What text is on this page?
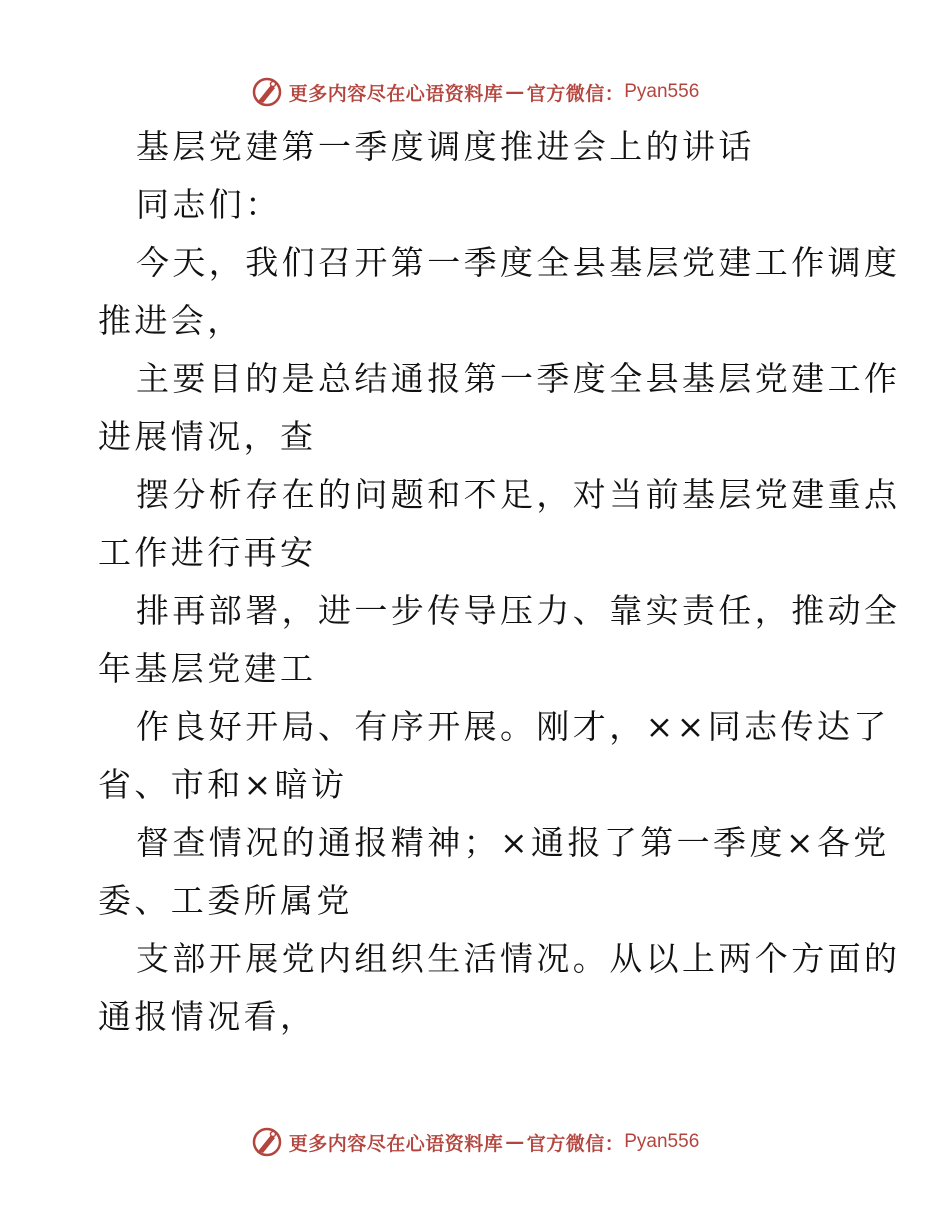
更多内容尽在心语资料库 — 官方微信： Pyan556
基层党建第一季度调度推进会上的讲话
同志们：
今天，我们召开第一季度全县基层党建工作调度
推进会，
主要目的是总结通报第一季度全县基层党建工作
进展情况，查
摆分析存在的问题和不足，对当前基层党建重点
工作进行再安
排再部署，进一步传导压力、靠实责任，推动全
年基层党建工
作良好开局、有序开展。刚才，××同志传达了
省、市和×暗访
督查情况的通报精神；×通报了第一季度×各党
委、工委所属党
支部开展党内组织生活情况。从以上两个方面的
通报情况看，
更多内容尽在心语资料库 — 官方微信： Pyan556
